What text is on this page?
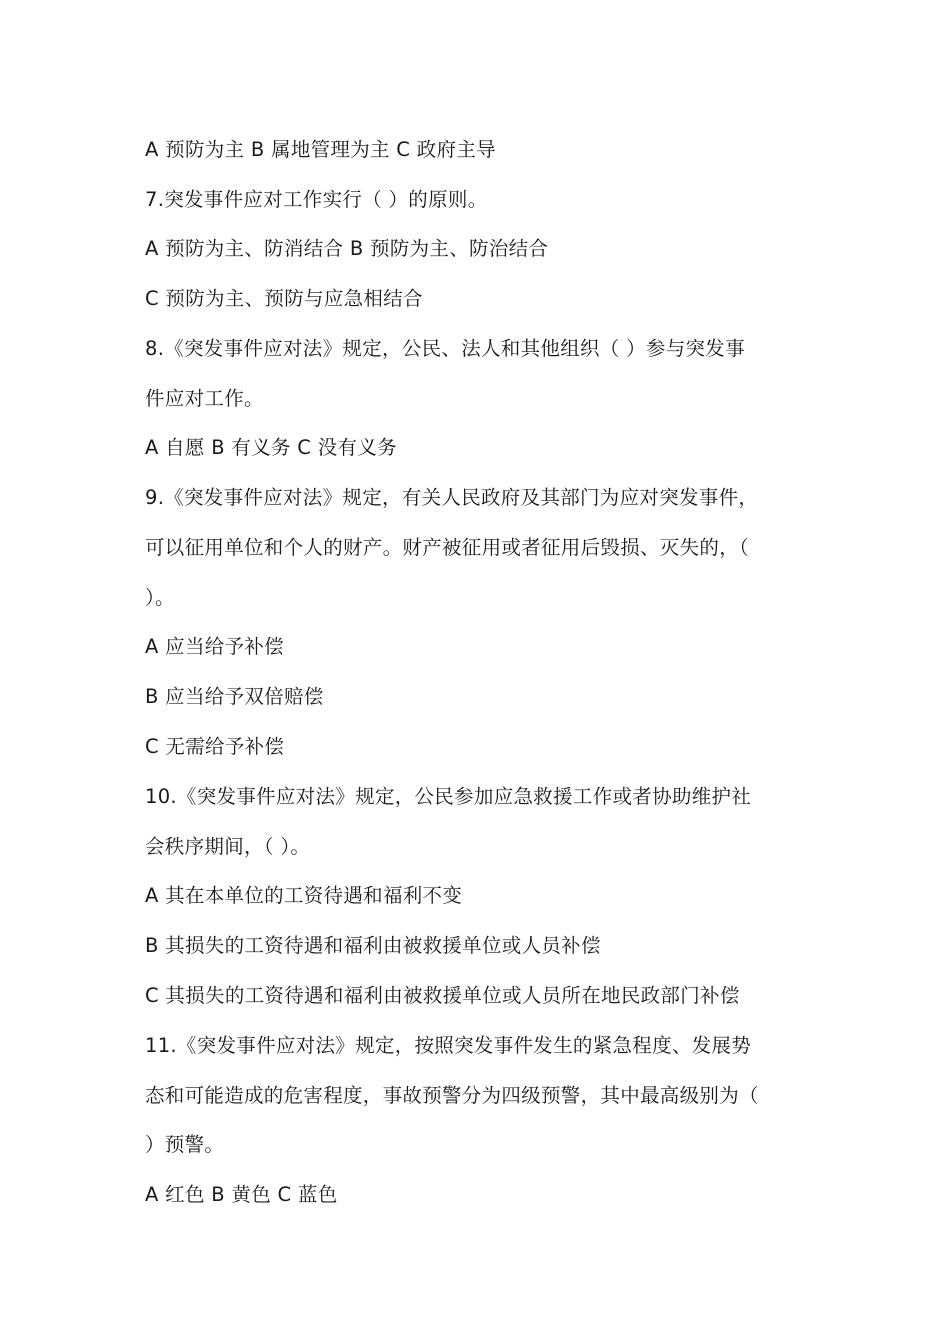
A 预防为主 B 属地管理为主 C 政府主导
7.突发事件应对工作实行（ ）的原则。
A 预防为主、防消结合 B 预防为主、防治结合
C 预防为主、预防与应急相结合
8.《突发事件应对法》规定，公民、法人和其他组织（ ）参与突发事
件应对工作。
A 自愿 B 有义务 C 没有义务
9.《突发事件应对法》规定，有关人民政府及其部门为应对突发事件，
可以征用单位和个人的财产。财产被征用或者征用后毁损、灭失的，（
）。
A 应当给予补偿
B 应当给予双倍赔偿
C 无需给予补偿
10.《突发事件应对法》规定，公民参加应急救援工作或者协助维护社
会秩序期间，（ ）。
A 其在本单位的工资待遇和福利不变
B 其损失的工资待遇和福利由被救援单位或人员补偿
C 其损失的工资待遇和福利由被救援单位或人员所在地民政部门补偿
11.《突发事件应对法》规定，按照突发事件发生的紧急程度、发展势
态和可能造成的危害程度，事故预警分为四级预警，其中最高级别为（
）预警。
A 红色 B 黄色 C 蓝色
